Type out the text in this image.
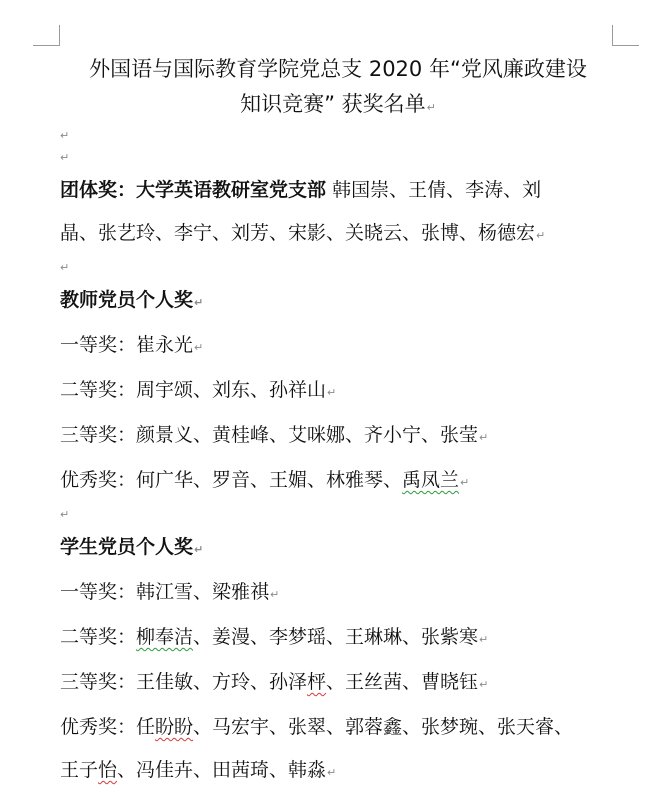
外国语与国际教育学院党总支 2020 年“党风廉政建设

知识竞赛” 获奖名单↵

↵
↵

团体奖：大学英语教研室党支部 韩国崇、王倩、李涛、刘
晶、张艺玲、李宁、刘芳、宋影、关晓云、张博、杨德宏↵

↵

教师党员个人奖↵

一等奖：崔永光↵

二等奖：周宇颂、刘东、孙祥山↵

三等奖：颜景义、黄桂峰、艾咪娜、齐小宁、张莹↵

优秀奖：何广华、罗音、王媚、林雅琴、禹凤兰↵

↵

学生党员个人奖↵

一等奖：韩江雪、梁雅祺↵

二等奖：柳奉洁、姜漫、李梦瑶、王琳琳、张紫寒↵

三等奖：王佳敏、方玲、孙泽枰、王丝茜、曹晓钰↵

优秀奖：任盼盼、马宏宇、张翠、郭蓉鑫、张梦琬、张天睿、

王子怡、冯佳卉、田茜琦、韩淼↵
